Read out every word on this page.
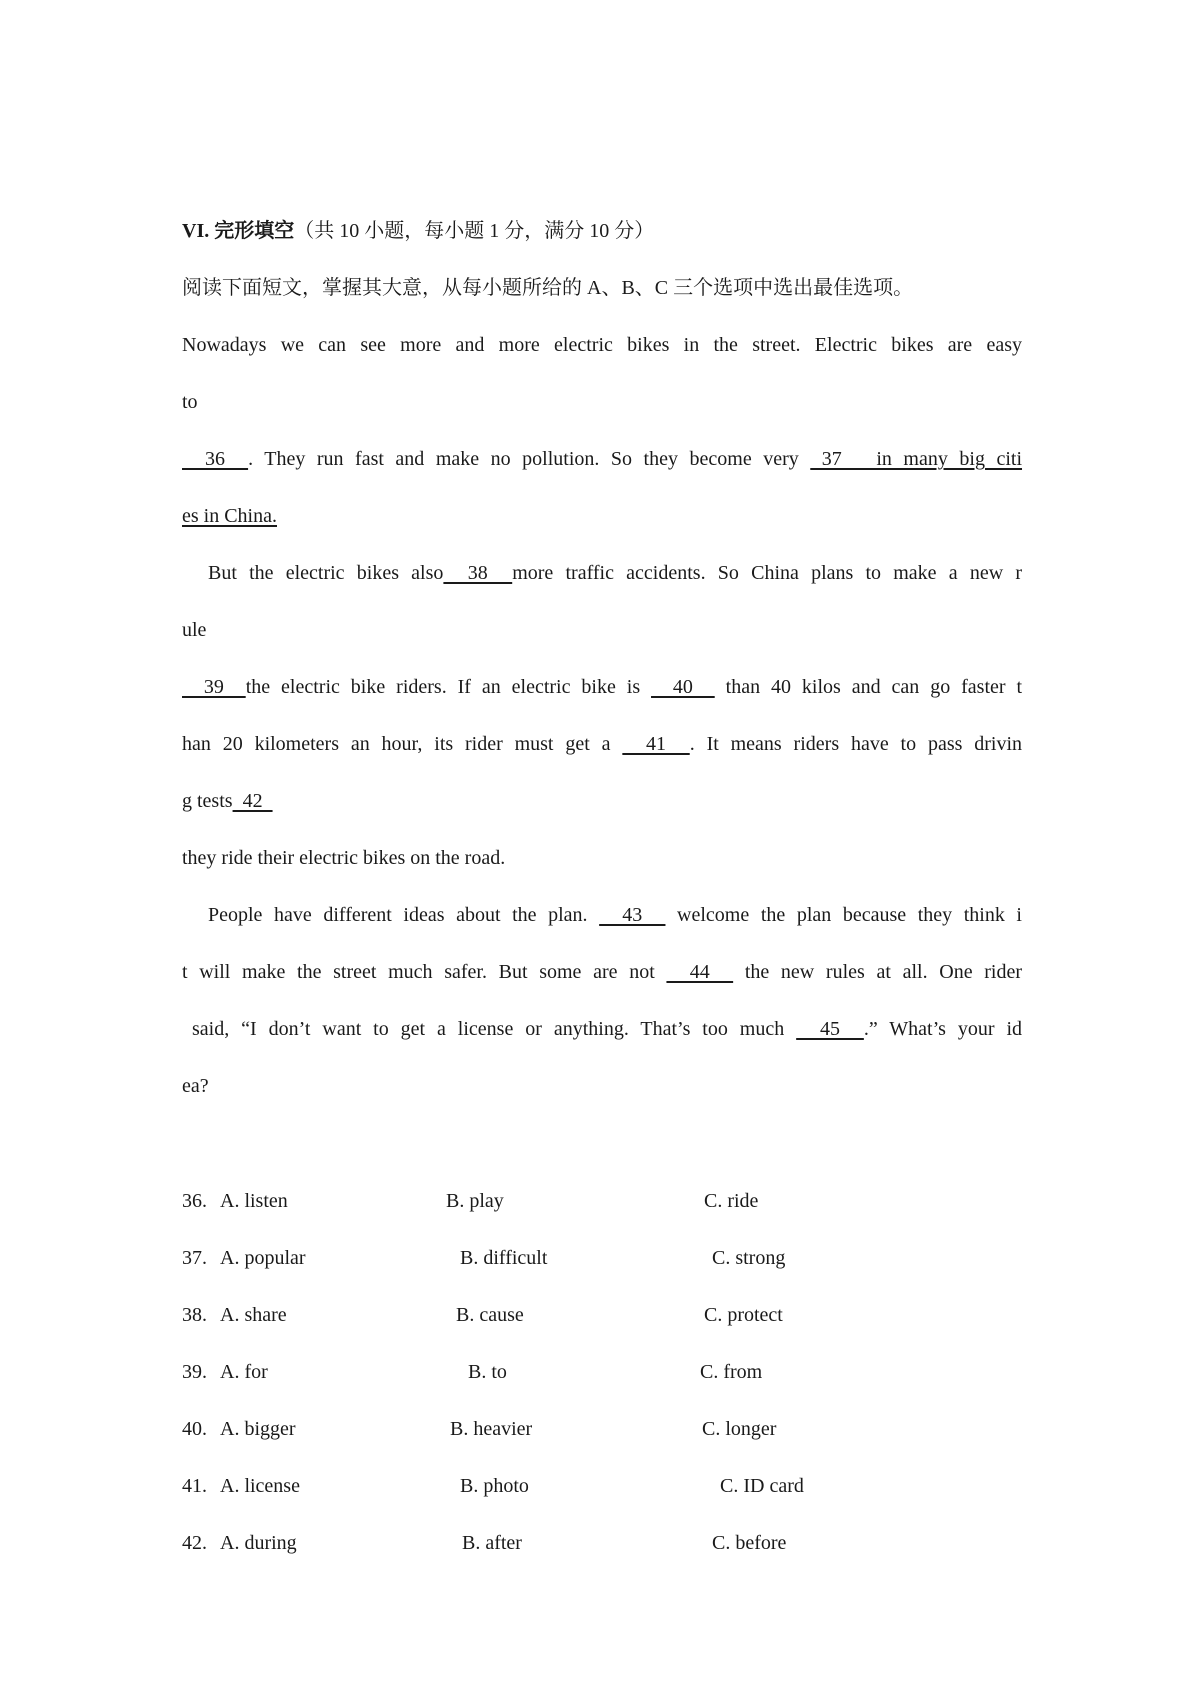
VI. 完形填空（共 10 小题，每小题 1 分，满分 10 分）
阅读下面短文，掌握其大意，从每小题所给的 A、B、C 三个选项中选出最佳选项。
Nowadays we can see more and more electric bikes in the street. Electric bikes are easy
to
36  . They run fast and make no pollution. So they become very  37   in many big citi
es in China.
But the electric bikes also  38  more traffic accidents. So China plans to make a new r
ule
39  the electric bike riders. If an electric bike is   40   than 40 kilos and can go faster t
han 20 kilometers an hour, its rider must get a   41  . It means riders have to pass drivin
g tests  42
they ride their electric bikes on the road.
People have different ideas about the plan.   43   welcome the plan because they think i
t will make the street much safer. But some are not   44   the new rules at all. One rider
said, “I don’t want to get a license or anything. That’s too much   45  .” What’s your id
ea?
36. A. listen	B. play	C. ride
37. A. popular	B. difficult	C. strong
38. A. share	B. cause	C. protect
39. A. for	B. to	C. from
40. A. bigger	B. heavier	C. longer
41. A. license	B. photo	C. ID card
42. A. during	B. after	C. before
